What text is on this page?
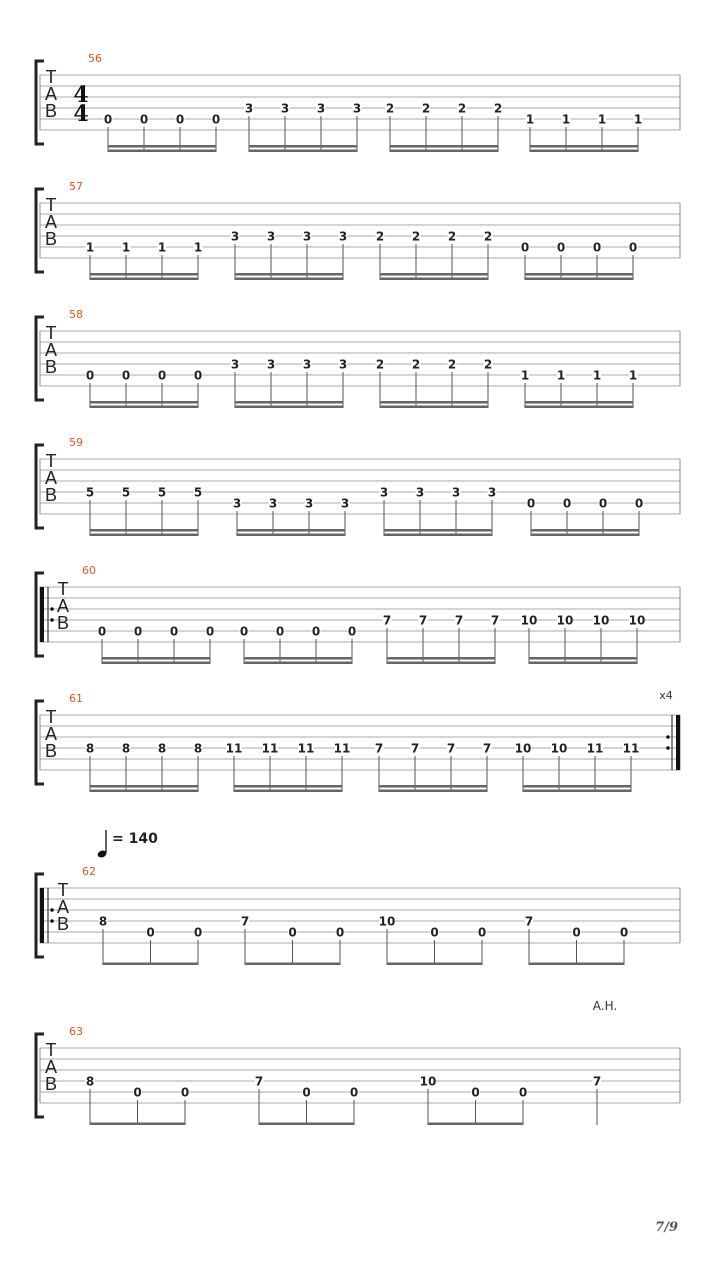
T
A
B
4
4
56
0 0 0 0
3 3 3 3 2 2 2 2
1 1 1 1
T
A
B
57
1 1 1 1
3 3 3 3 2 2 2 2
0 0 0 0
T
A
B
58
0 0 0 0
3 3 3 3 2 2 2 2
1 1 1 1
T
A
B
59
5 5 5 5
3 3 3 3
3 3 3 3
0 0 0 0
T
A
B
60
0 0 0 0 0 0 0 0
7 7 7 7 10 10 10 10
T
A
B
x4
61
8 8 8 8 11 11 11 11 7 7 7 7 10 10 11 11
T
A
B
62
= 140
8
0	0
7
0	0
10
0	0
7
0	0
T
A
B
63
A.H.
8
0	0
7
0	0
10
0	0
7
7/9
